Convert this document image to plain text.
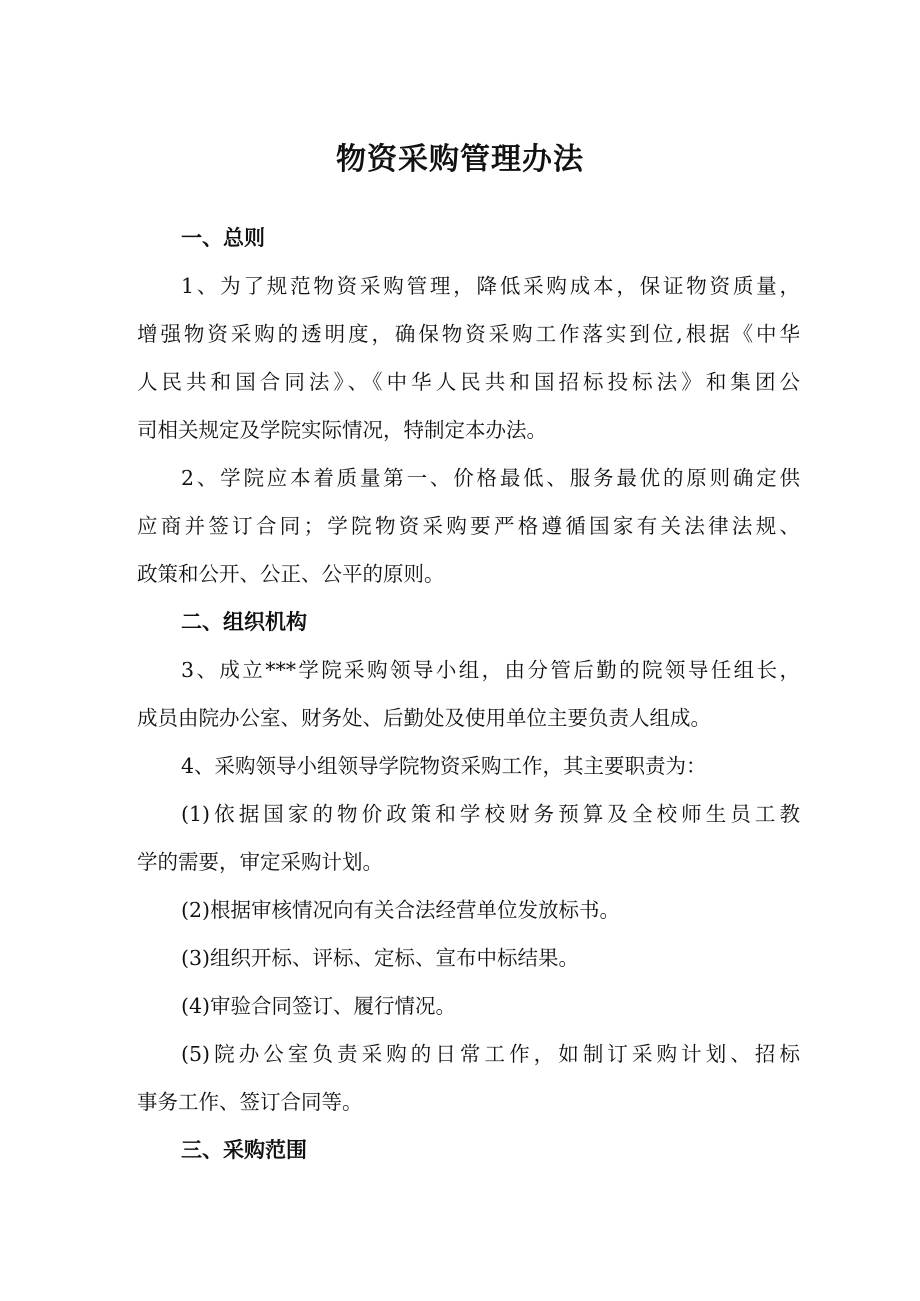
物资采购管理办法
一、总则
1、为了规范物资采购管理，降低采购成本，保证物资质量，
增强物资采购的透明度，确保物资采购工作落实到位,根据《中华
人民共和国合同法》、《中华人民共和国招标投标法》和集团公
司相关规定及学院实际情况，特制定本办法。
2、学院应本着质量第一、价格最低、服务最优的原则确定供
应商并签订合同；学院物资采购要严格遵循国家有关法律法规、
政策和公开、公正、公平的原则。
二、组织机构
3、成立***学院采购领导小组，由分管后勤的院领导任组长，
成员由院办公室、财务处、后勤处及使用单位主要负责人组成。
4、采购领导小组领导学院物资采购工作，其主要职责为：
(1)依据国家的物价政策和学校财务预算及全校师生员工教
学的需要，审定采购计划。
(2)根据审核情况向有关合法经营单位发放标书。
(3)组织开标、评标、定标、宣布中标结果。
(4)审验合同签订、履行情况。
(5)院办公室负责采购的日常工作，如制订采购计划、招标
事务工作、签订合同等。
三、采购范围
